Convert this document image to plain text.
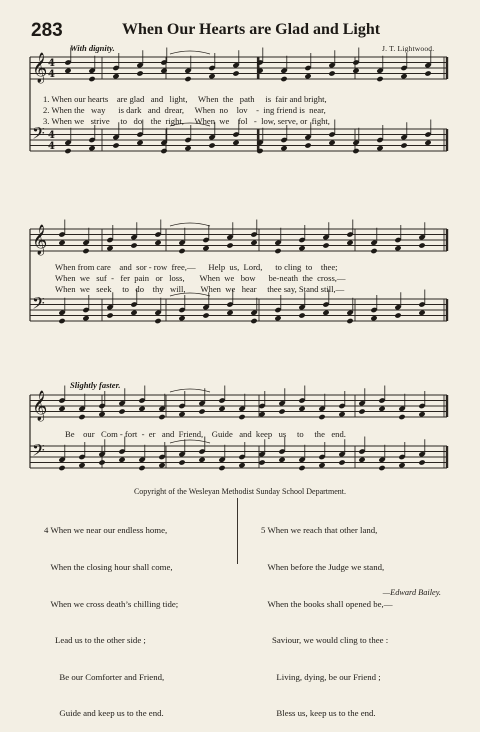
283	When Our Hearts are Glad and Light
With dignity.	J. T. Lightwood.
Slightly faster.
𝄞 4
4
𝄢 4
4
𝄞
𝄢
𝄞
𝄢
1. When our hearts    are glad   and   light,     When  the   path     is  fair and bright,
2. When the   way      is dark   and  drear,     When  no    lov    -  ing friend is  near,
3. When we   strive     to   do    the  right,     When  we    fol   -  low, serve, or  fight,
When from care    and  sor - row  free,—      Help  us,  Lord,      to cling  to    thee;
When  we   suf  -   fer  pain   or   loss,       When  we   bow      be-neath  the  cross,—
When  we   seek     to   do    thy   will,       When  we   hear     thee say, Stand still,—
Be    our   Com - fort  -  er   and  Friend,    Guide   and  keep   us     to     the   end.
Copyright of the Wesleyan Methodist Sunday School Department.

4 When we near our endless home,

When the closing hour shall come,

When we cross death’s chilling tide;

Lead us to the other side ;

Be our Comforter and Friend,

Guide and keep us to the end.

5 When we reach that other land,

When before the Judge we stand,

When the books shall opened be,—

Saviour, we would cling to thee :

Living, dying, be our Friend ;

Bless us, keep us to the end.

—Edward Bailey.
